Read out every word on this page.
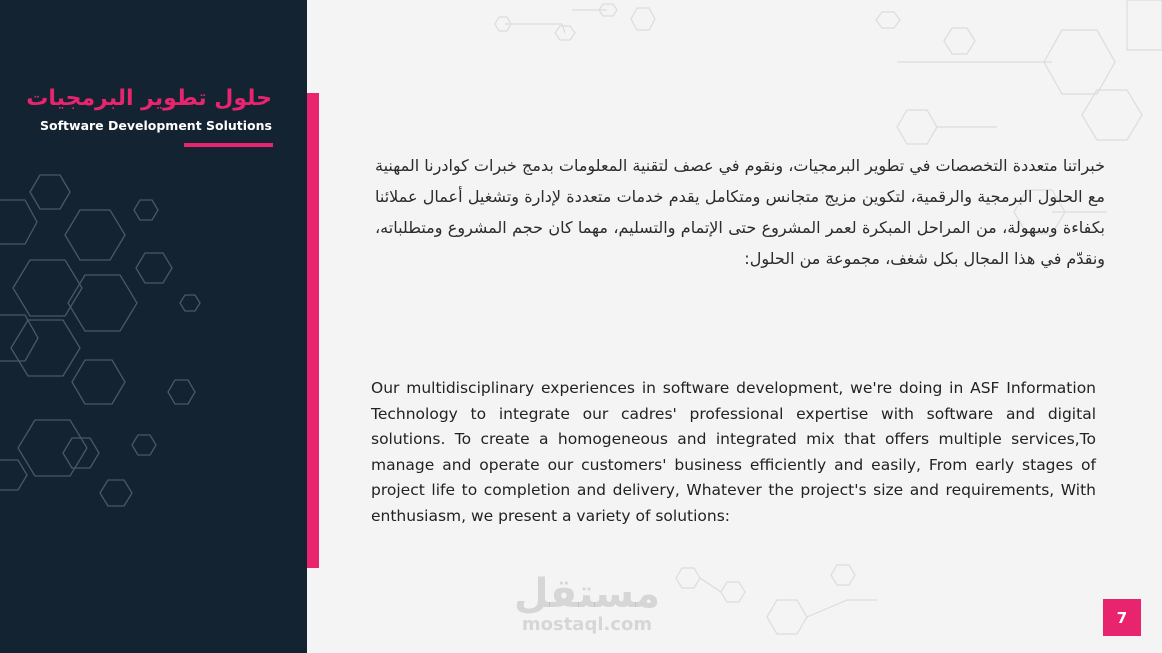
حلول تطوير البرمجيات
Software Development Solutions
خبراتنا متعددة التخصصات في تطوير البرمجيات، ونقوم في عصف لتقنية المعلومات بدمج خبرات كوادرنا المهنية مع الحلول البرمجية والرقمية، لتكوين مزيج متجانس ومتكامل يقدم خدمات متعددة لإدارة وتشغيل أعمال عملائنا بكفاءة وسهولة، من المراحل المبكرة لعمر المشروع حتى الإتمام والتسليم، مهما كان حجم المشروع ومتطلباته، ونقدّم في هذا المجال بكل شغف، مجموعة من الحلول:
Our multidisciplinary experiences in software development, we're doing in ASF Information Technology to integrate our cadres' professional expertise with software and digital solutions. To create a homogeneous and integrated mix that offers multiple services,To manage and operate our customers' business efficiently and easily, From early stages of project life to completion and delivery, Whatever the project's size and requirements, With enthusiasm, we present a variety of solutions:
مستقل
mostaql.com	7
